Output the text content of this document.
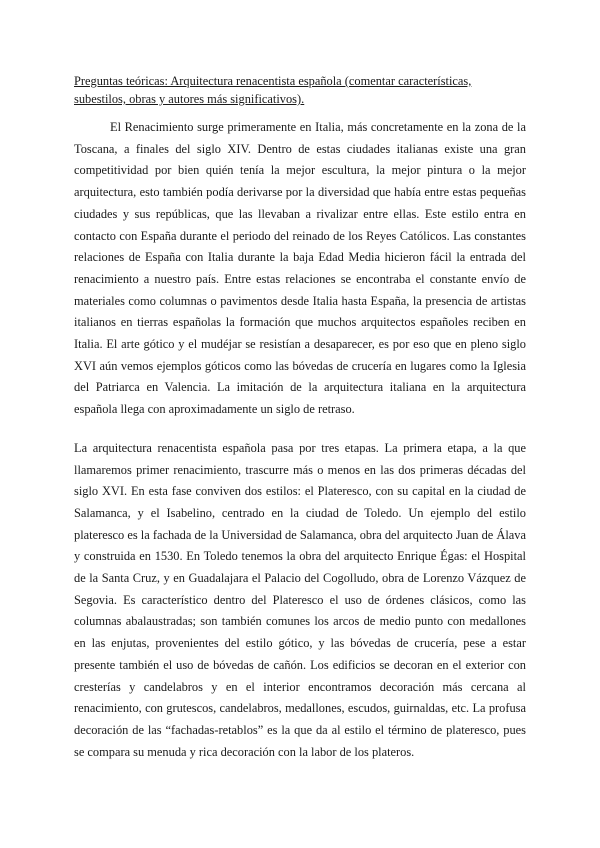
Preguntas teóricas: Arquitectura renacentista española (comentar características, subestilos, obras y autores más significativos).

El Renacimiento surge primeramente en Italia, más concretamente en la zona de la Toscana, a finales del siglo XIV. Dentro de estas ciudades italianas existe una gran competitividad por bien quién tenía la mejor escultura, la mejor pintura o la mejor arquitectura, esto también podía derivarse por la diversidad que había entre estas pequeñas ciudades y sus repúblicas, que las llevaban a rivalizar entre ellas. Este estilo entra en contacto con España durante el periodo del reinado de los Reyes Católicos. Las constantes relaciones de España con Italia durante la baja Edad Media hicieron fácil la entrada del renacimiento a nuestro país. Entre estas relaciones se encontraba el constante envío de materiales como columnas o pavimentos desde Italia hasta España, la presencia de artistas italianos en tierras españolas la formación que muchos arquitectos españoles reciben en Italia. El arte gótico y el mudéjar se resistían a desaparecer, es por eso que en pleno siglo XVI aún vemos ejemplos góticos como las bóvedas de crucería en lugares como la Iglesia del Patriarca en Valencia. La imitación de la arquitectura italiana en la arquitectura española llega con aproximadamente un siglo de retraso.

La arquitectura renacentista española pasa por tres etapas. La primera etapa, a la que llamaremos primer renacimiento, trascurre más o menos en las dos primeras décadas del siglo XVI. En esta fase conviven dos estilos: el Plateresco, con su capital en la ciudad de Salamanca, y el Isabelino, centrado en la ciudad de Toledo. Un ejemplo del estilo plateresco es la fachada de la Universidad de Salamanca, obra del arquitecto Juan de Álava y construida en 1530. En Toledo tenemos la obra del arquitecto Enrique Égas: el Hospital de la Santa Cruz, y en Guadalajara el Palacio del Cogolludo, obra de Lorenzo Vázquez de Segovia. Es característico dentro del Plateresco el uso de órdenes clásicos, como las columnas abalaustradas; son también comunes los arcos de medio punto con medallones en las enjutas, provenientes del estilo gótico, y las bóvedas de crucería, pese a estar presente también el uso de bóvedas de cañón. Los edificios se decoran en el exterior con cresterías y candelabros y en el interior encontramos decoración más cercana al renacimiento, con grutescos, candelabros, medallones, escudos, guirnaldas, etc. La profusa decoración de las “fachadas-retablos” es la que da al estilo el término de plateresco, pues se compara su menuda y rica decoración con la labor de los plateros.
